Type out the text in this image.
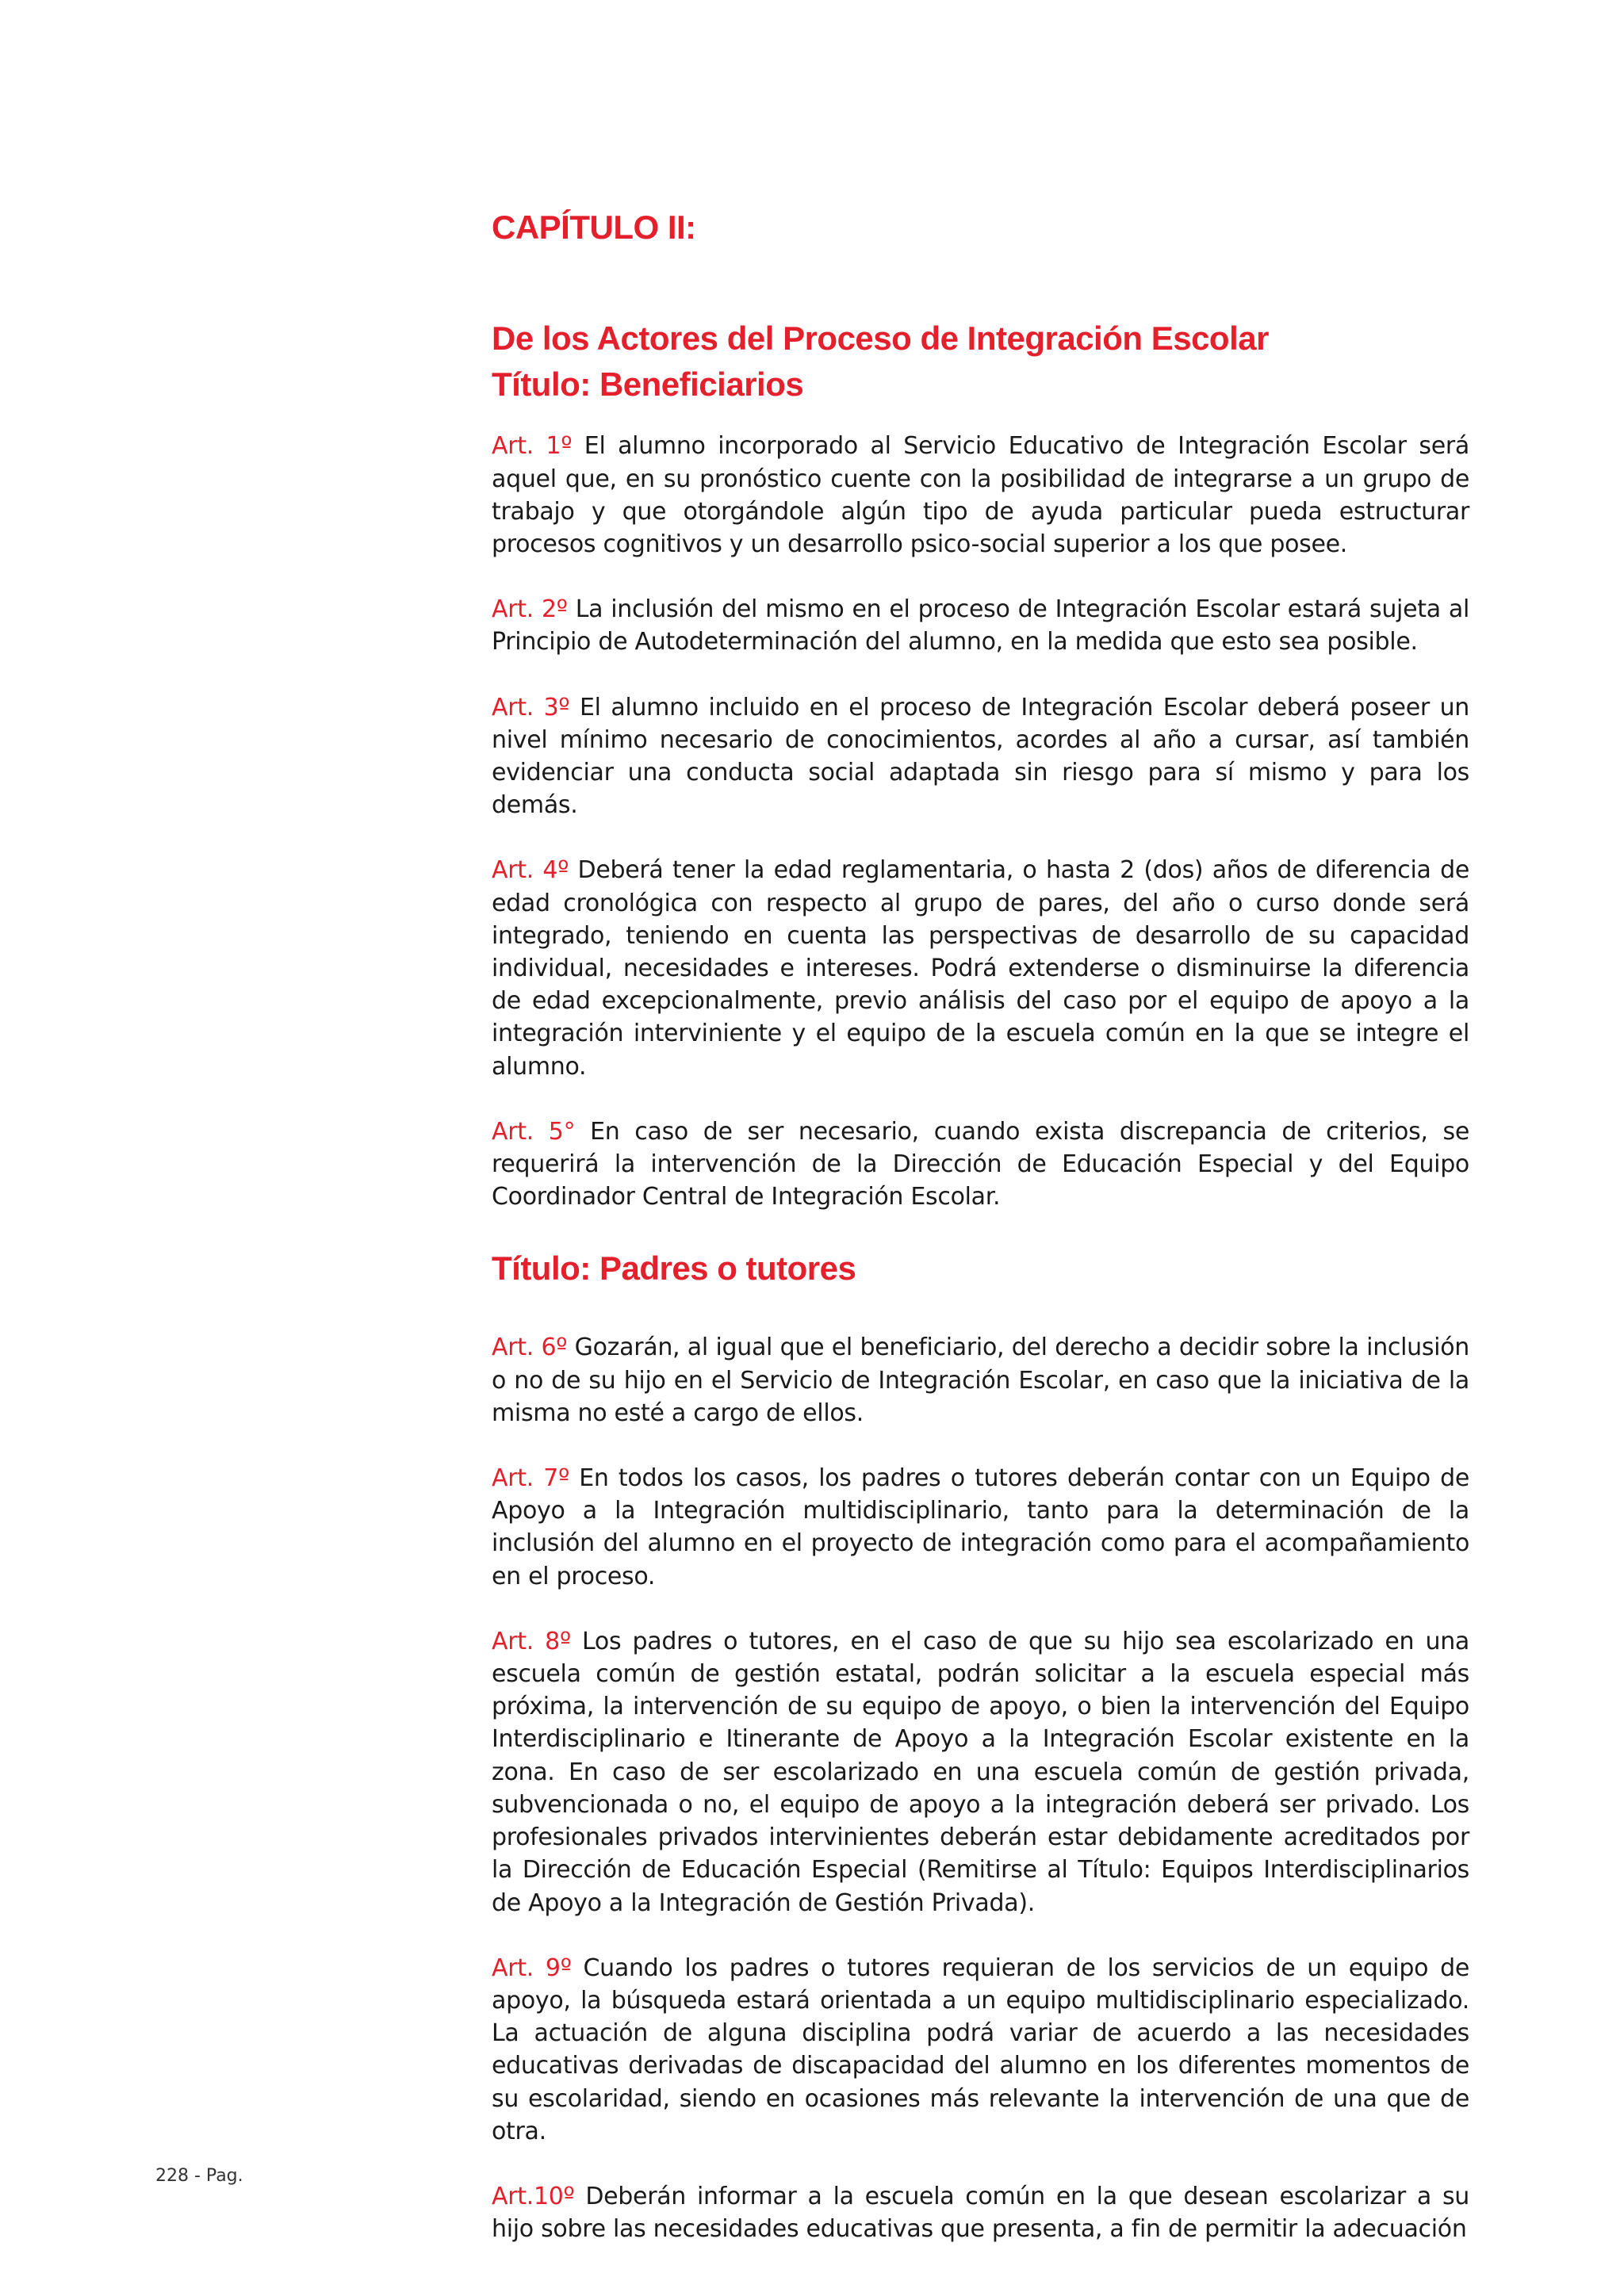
CAPÍTULO II:
De los Actores del Proceso de Integración Escolar
Título: Beneficiarios

Art. 1º El alumno incorporado al Servicio Educativo de Integración Escolar será aquel que, en su pronóstico cuente con la posibilidad de integrarse a un grupo de trabajo y que otorgándole algún tipo de ayuda particular pueda estructurar procesos cognitivos y un desarrollo psico-social superior a los que posee.

Art. 2º La inclusión del mismo en el proceso de Integración Escolar estará sujeta al Principio de Autodeterminación del alumno, en la medida que esto sea posible.

Art. 3º El alumno incluido en el proceso de Integración Escolar deberá poseer un nivel mínimo necesario de conocimientos, acordes al año a cursar, así también evidenciar una conducta social adaptada sin riesgo para sí mismo y para los demás.

Art. 4º Deberá tener la edad reglamentaria, o hasta 2 (dos) años de diferencia de edad cronológica con respecto al grupo de pares, del año o curso donde será integrado, teniendo en cuenta las perspectivas de desarrollo de su capacidad individual, necesidades e intereses. Podrá extenderse o disminuirse la diferencia de edad excepcionalmente, previo análisis del caso por el equipo de apoyo a la integración interviniente y el equipo de la escuela común en la que se integre el alumno.

Art. 5° En caso de ser necesario, cuando exista discrepancia de criterios, se requerirá la intervención de la Dirección de Educación Especial y del Equipo Coordinador Central de Integración Escolar.

Título: Padres o tutores

Art. 6º Gozarán, al igual que el beneficiario, del derecho a decidir sobre la inclusión o no de su hijo en el Servicio de Integración Escolar, en caso que la iniciativa de la misma no esté a cargo de ellos.

Art. 7º En todos los casos, los padres o tutores deberán contar con un Equipo de Apoyo a la Integración multidisciplinario, tanto para la determinación de la inclusión del alumno en el proyecto de integración como para el acompañamiento en el proceso.

Art. 8º Los padres o tutores, en el caso de que su hijo sea escolarizado en una escuela común de gestión estatal, podrán solicitar a la escuela especial más próxima, la intervención de su equipo de apoyo, o bien la intervención del Equipo Interdisciplinario e Itinerante de Apoyo a la Integración Escolar existente en la zona. En caso de ser escolarizado en una escuela común de gestión privada, subvencionada o no, el equipo de apoyo a la integración deberá ser privado. Los profesionales privados intervinientes deberán estar debidamente acreditados por la Dirección de Educación Especial (Remitirse al Título: Equipos Interdisciplinarios de Apoyo a la Integración de Gestión Privada).

Art. 9º Cuando los padres o tutores requieran de los servicios de un equipo de apoyo, la búsqueda estará orientada a un equipo multidisciplinario especializado. La actuación de alguna disciplina podrá variar de acuerdo a las necesidades educativas derivadas de discapacidad del alumno en los diferentes momentos de su escolaridad, siendo en ocasiones más relevante la intervención de una que de otra.

Art.10º Deberán informar a la escuela común en la que desean escolarizar a su hijo sobre las necesidades educativas que presenta, a fin de permitir la adecuación

228 - Pag.
